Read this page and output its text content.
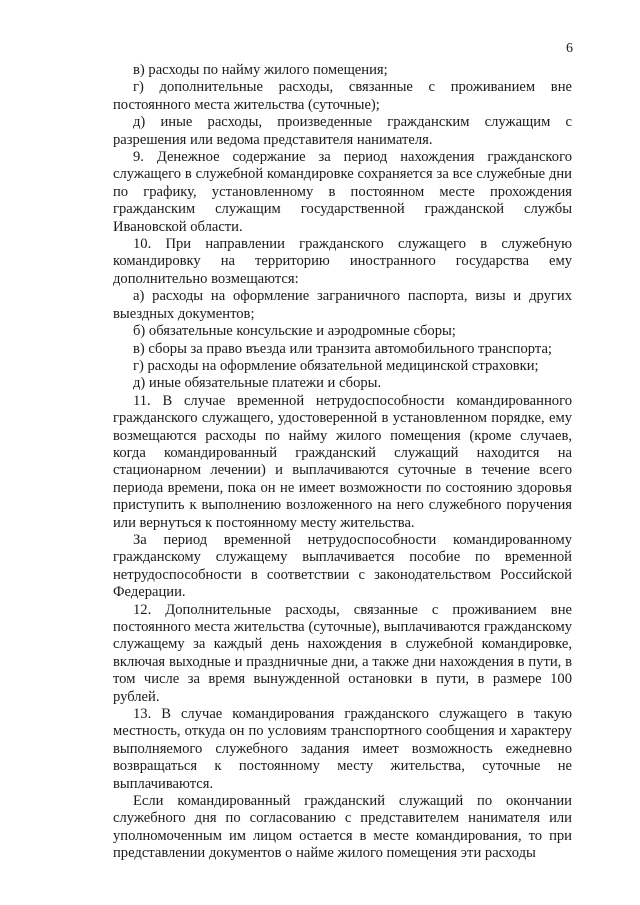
6

в) расходы по найму жилого помещения;

г) дополнительные расходы, связанные с проживанием вне постоянного места жительства (суточные);

д) иные расходы, произведенные гражданским служащим с разрешения или ведома представителя нанимателя.

9. Денежное содержание за период нахождения гражданского служащего в служебной командировке сохраняется за все служебные дни по графику, установленному в постоянном месте прохождения гражданским служащим государственной гражданской службы Ивановской области.

10. При направлении гражданского служащего в служебную командировку на территорию иностранного государства ему дополнительно возмещаются:

а) расходы на оформление заграничного паспорта, визы и других выездных документов;

б) обязательные консульские и аэродромные сборы;

в) сборы за право въезда или транзита автомобильного транспорта;

г) расходы на оформление обязательной медицинской страховки;

д) иные обязательные платежи и сборы.

11. В случае временной нетрудоспособности командированного гражданского служащего, удостоверенной в установленном порядке, ему возмещаются расходы по найму жилого помещения (кроме случаев, когда командированный гражданский служащий находится на стационарном лечении) и выплачиваются суточные в течение всего периода времени, пока он не имеет возможности по состоянию здоровья приступить к выполнению возложенного на него служебного поручения или вернуться к постоянному месту жительства.

За период временной нетрудоспособности командированному гражданскому служащему выплачивается пособие по временной нетрудоспособности в соответствии с законодательством Российской Федерации.

12. Дополнительные расходы, связанные с проживанием вне постоянного места жительства (суточные), выплачиваются гражданскому служащему за каждый день нахождения в служебной командировке, включая выходные и праздничные дни, а также дни нахождения в пути, в том числе за время вынужденной остановки в пути, в размере 100 рублей.

13. В случае командирования гражданского служащего в такую местность, откуда он по условиям транспортного сообщения и характеру выполняемого служебного задания имеет возможность ежедневно возвращаться к постоянному месту жительства, суточные не выплачиваются.

Если командированный гражданский служащий по окончании служебного дня по согласованию с представителем нанимателя или уполномоченным им лицом остается в месте командирования, то при представлении документов о найме жилого помещения эти расходы
